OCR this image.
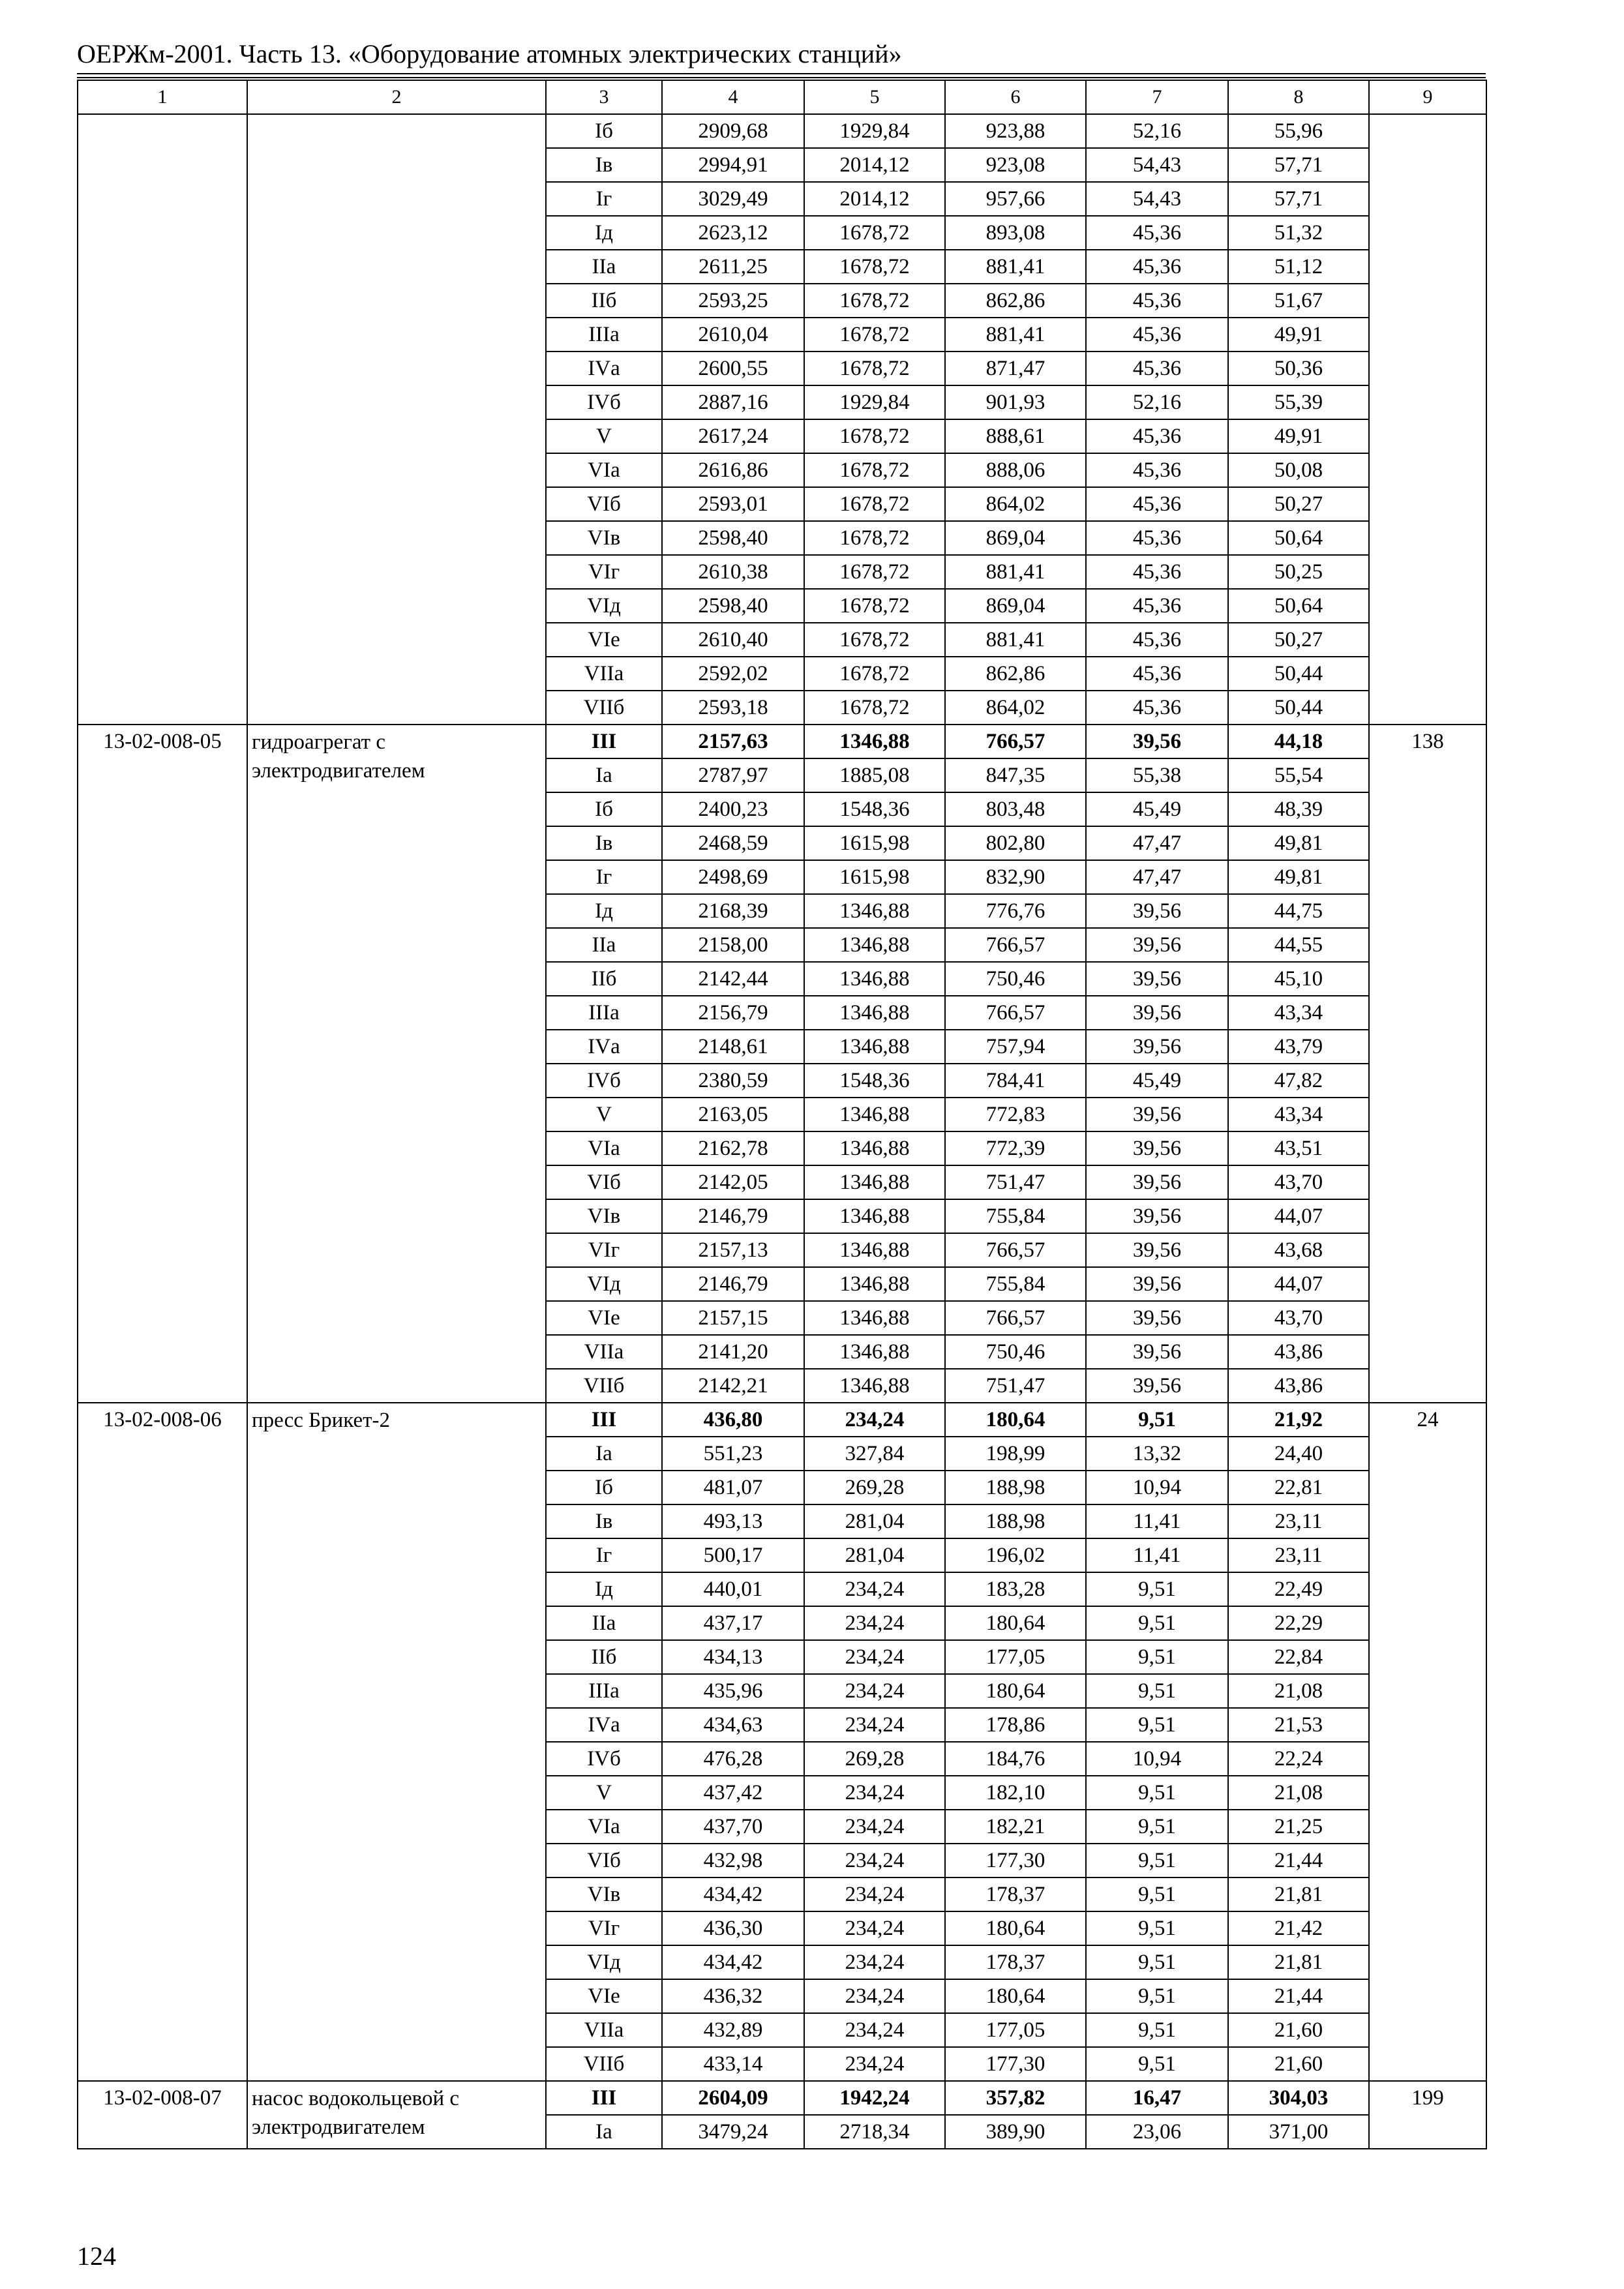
ОЕРЖм-2001. Часть 13. «Оборудование атомных электрических станций»
1	2	3	4	5	6	7	8	9
		Iб	2909,68	1929,84	923,88	52,16	55,96	
		Iв	2994,91	2014,12	923,08	54,43	57,71	
		Iг	3029,49	2014,12	957,66	54,43	57,71	
		Iд	2623,12	1678,72	893,08	45,36	51,32	
		IIа	2611,25	1678,72	881,41	45,36	51,12	
		IIб	2593,25	1678,72	862,86	45,36	51,67	
		IIIа	2610,04	1678,72	881,41	45,36	49,91	
		IVа	2600,55	1678,72	871,47	45,36	50,36	
		IVб	2887,16	1929,84	901,93	52,16	55,39	
		V	2617,24	1678,72	888,61	45,36	49,91	
		VIа	2616,86	1678,72	888,06	45,36	50,08	
		VIб	2593,01	1678,72	864,02	45,36	50,27	
		VIв	2598,40	1678,72	869,04	45,36	50,64	
		VIг	2610,38	1678,72	881,41	45,36	50,25	
		VIд	2598,40	1678,72	869,04	45,36	50,64	
		VIе	2610,40	1678,72	881,41	45,36	50,27	
		VIIа	2592,02	1678,72	862,86	45,36	50,44	
		VIIб	2593,18	1678,72	864,02	45,36	50,44	
13-02-008-05	гидроагрегат с электродвигателем	III	2157,63	1346,88	766,57	39,56	44,18	138
		Iа	2787,97	1885,08	847,35	55,38	55,54	
		Iб	2400,23	1548,36	803,48	45,49	48,39	
		Iв	2468,59	1615,98	802,80	47,47	49,81	
		Iг	2498,69	1615,98	832,90	47,47	49,81	
		Iд	2168,39	1346,88	776,76	39,56	44,75	
		IIа	2158,00	1346,88	766,57	39,56	44,55	
		IIб	2142,44	1346,88	750,46	39,56	45,10	
		IIIа	2156,79	1346,88	766,57	39,56	43,34	
		IVа	2148,61	1346,88	757,94	39,56	43,79	
		IVб	2380,59	1548,36	784,41	45,49	47,82	
		V	2163,05	1346,88	772,83	39,56	43,34	
		VIа	2162,78	1346,88	772,39	39,56	43,51	
		VIб	2142,05	1346,88	751,47	39,56	43,70	
		VIв	2146,79	1346,88	755,84	39,56	44,07	
		VIг	2157,13	1346,88	766,57	39,56	43,68	
		VIд	2146,79	1346,88	755,84	39,56	44,07	
		VIе	2157,15	1346,88	766,57	39,56	43,70	
		VIIа	2141,20	1346,88	750,46	39,56	43,86	
		VIIб	2142,21	1346,88	751,47	39,56	43,86	
13-02-008-06	пресс Брикет-2	III	436,80	234,24	180,64	9,51	21,92	24
		Iа	551,23	327,84	198,99	13,32	24,40	
		Iб	481,07	269,28	188,98	10,94	22,81	
		Iв	493,13	281,04	188,98	11,41	23,11	
		Iг	500,17	281,04	196,02	11,41	23,11	
		Iд	440,01	234,24	183,28	9,51	22,49	
		IIа	437,17	234,24	180,64	9,51	22,29	
		IIб	434,13	234,24	177,05	9,51	22,84	
		IIIа	435,96	234,24	180,64	9,51	21,08	
		IVа	434,63	234,24	178,86	9,51	21,53	
		IVб	476,28	269,28	184,76	10,94	22,24	
		V	437,42	234,24	182,10	9,51	21,08	
		VIа	437,70	234,24	182,21	9,51	21,25	
		VIб	432,98	234,24	177,30	9,51	21,44	
		VIв	434,42	234,24	178,37	9,51	21,81	
		VIг	436,30	234,24	180,64	9,51	21,42	
		VIд	434,42	234,24	178,37	9,51	21,81	
		VIе	436,32	234,24	180,64	9,51	21,44	
		VIIа	432,89	234,24	177,05	9,51	21,60	
		VIIб	433,14	234,24	177,30	9,51	21,60	
13-02-008-07	насос водокольцевой с электродвигателем	III	2604,09	1942,24	357,82	16,47	304,03	199
		Iа	3479,24	2718,34	389,90	23,06	371,00	
124
